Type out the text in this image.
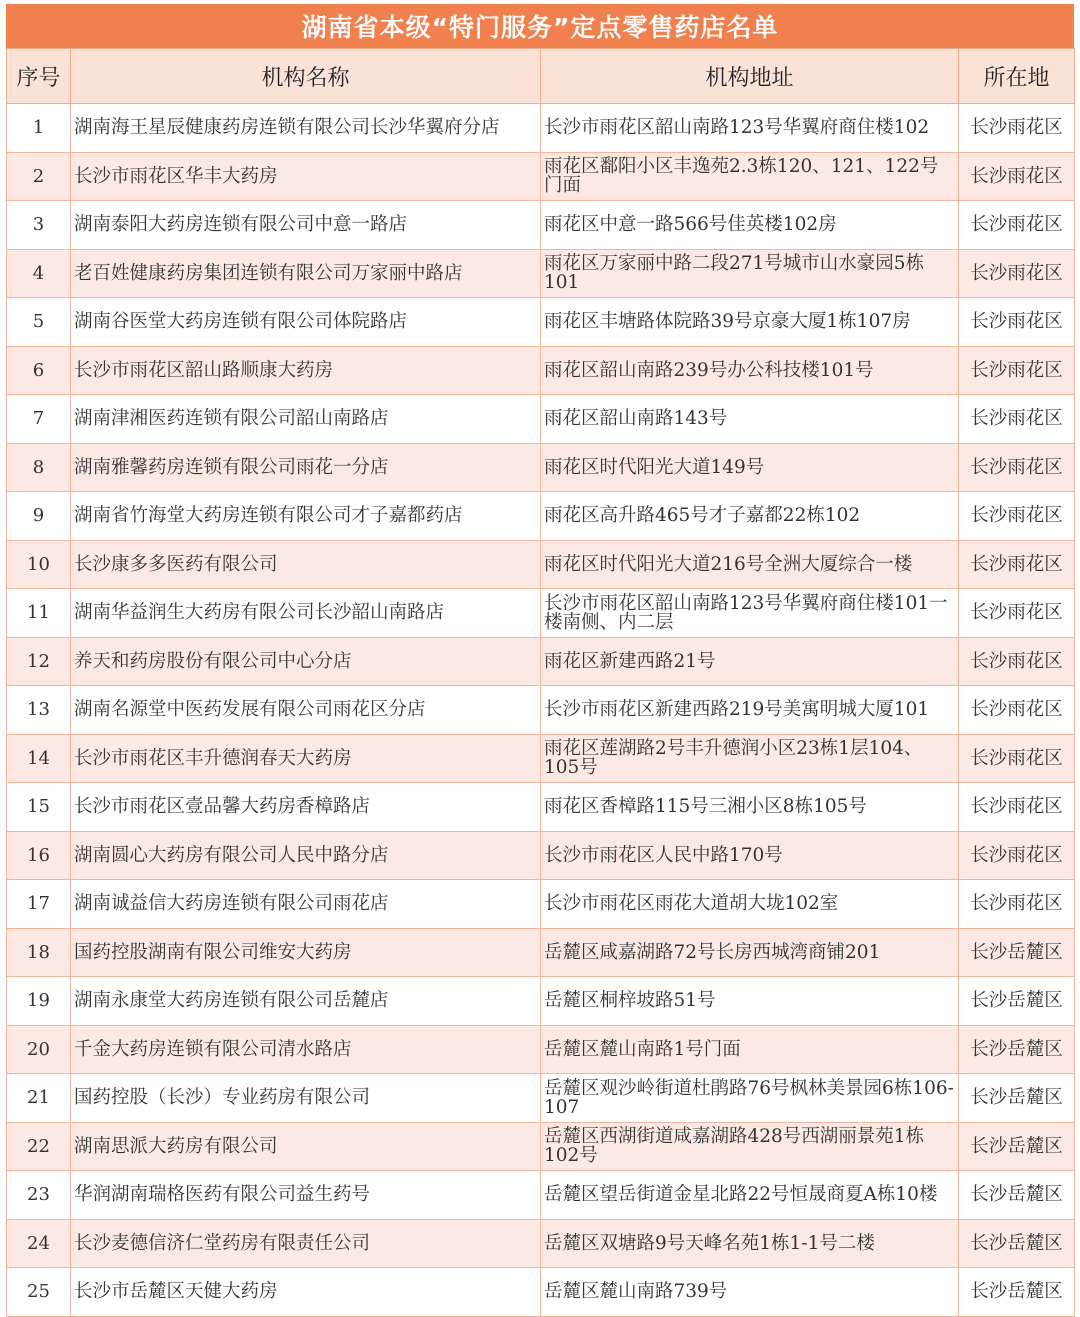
湖南省本级“特门服务”定点零售药店名单
序号	机构名称	机构地址	所在地
1	湖南海王星辰健康药房连锁有限公司长沙华翼府分店	长沙市雨花区韶山南路123号华翼府商住楼102	长沙雨花区
2	长沙市雨花区华丰大药房	雨花区鄱阳小区丰逸苑2.3栋120、121、122号门面	长沙雨花区
3	湖南泰阳大药房连锁有限公司中意一路店	雨花区中意一路566号佳英楼102房	长沙雨花区
4	老百姓健康药房集团连锁有限公司万家丽中路店	雨花区万家丽中路二段271号城市山水豪园5栋101	长沙雨花区
5	湖南谷医堂大药房连锁有限公司体院路店	雨花区丰塘路体院路39号京豪大厦1栋107房	长沙雨花区
6	长沙市雨花区韶山路顺康大药房	雨花区韶山南路239号办公科技楼101号	长沙雨花区
7	湖南津湘医药连锁有限公司韶山南路店	雨花区韶山南路143号	长沙雨花区
8	湖南雅馨药房连锁有限公司雨花一分店	雨花区时代阳光大道149号	长沙雨花区
9	湖南省竹海堂大药房连锁有限公司才子嘉都药店	雨花区高升路465号才子嘉都22栋102	长沙雨花区
10	长沙康多多医药有限公司	雨花区时代阳光大道216号全洲大厦综合一楼	长沙雨花区
11	湖南华益润生大药房有限公司长沙韶山南路店	长沙市雨花区韶山南路123号华翼府商住楼101一楼南侧、内二层	长沙雨花区
12	养天和药房股份有限公司中心分店	雨花区新建西路21号	长沙雨花区
13	湖南名源堂中医药发展有限公司雨花区分店	长沙市雨花区新建西路219号美寓明城大厦101	长沙雨花区
14	长沙市雨花区丰升德润春天大药房	雨花区莲湖路2号丰升德润小区23栋1层104、105号	长沙雨花区
15	长沙市雨花区壹品馨大药房香樟路店	雨花区香樟路115号三湘小区8栋105号	长沙雨花区
16	湖南圆心大药房有限公司人民中路分店	长沙市雨花区人民中路170号	长沙雨花区
17	湖南诚益信大药房连锁有限公司雨花店	长沙市雨花区雨花大道胡大垅102室	长沙雨花区
18	国药控股湖南有限公司维安大药房	岳麓区咸嘉湖路72号长房西城湾商铺201	长沙岳麓区
19	湖南永康堂大药房连锁有限公司岳麓店	岳麓区桐梓坡路51号	长沙岳麓区
20	千金大药房连锁有限公司清水路店	岳麓区麓山南路1号门面	长沙岳麓区
21	国药控股（长沙）专业药房有限公司	岳麓区观沙岭街道杜鹃路76号枫林美景园6栋106-107	长沙岳麓区
22	湖南思派大药房有限公司	岳麓区西湖街道咸嘉湖路428号西湖丽景苑1栋102号	长沙岳麓区
23	华润湖南瑞格医药有限公司益生药号	岳麓区望岳街道金星北路22号恒晟商夏A栋10楼	长沙岳麓区
24	长沙麦德信济仁堂药房有限责任公司	岳麓区双塘路9号天峰名苑1栋1-1号二楼	长沙岳麓区
25	长沙市岳麓区天健大药房	岳麓区麓山南路739号	长沙岳麓区
